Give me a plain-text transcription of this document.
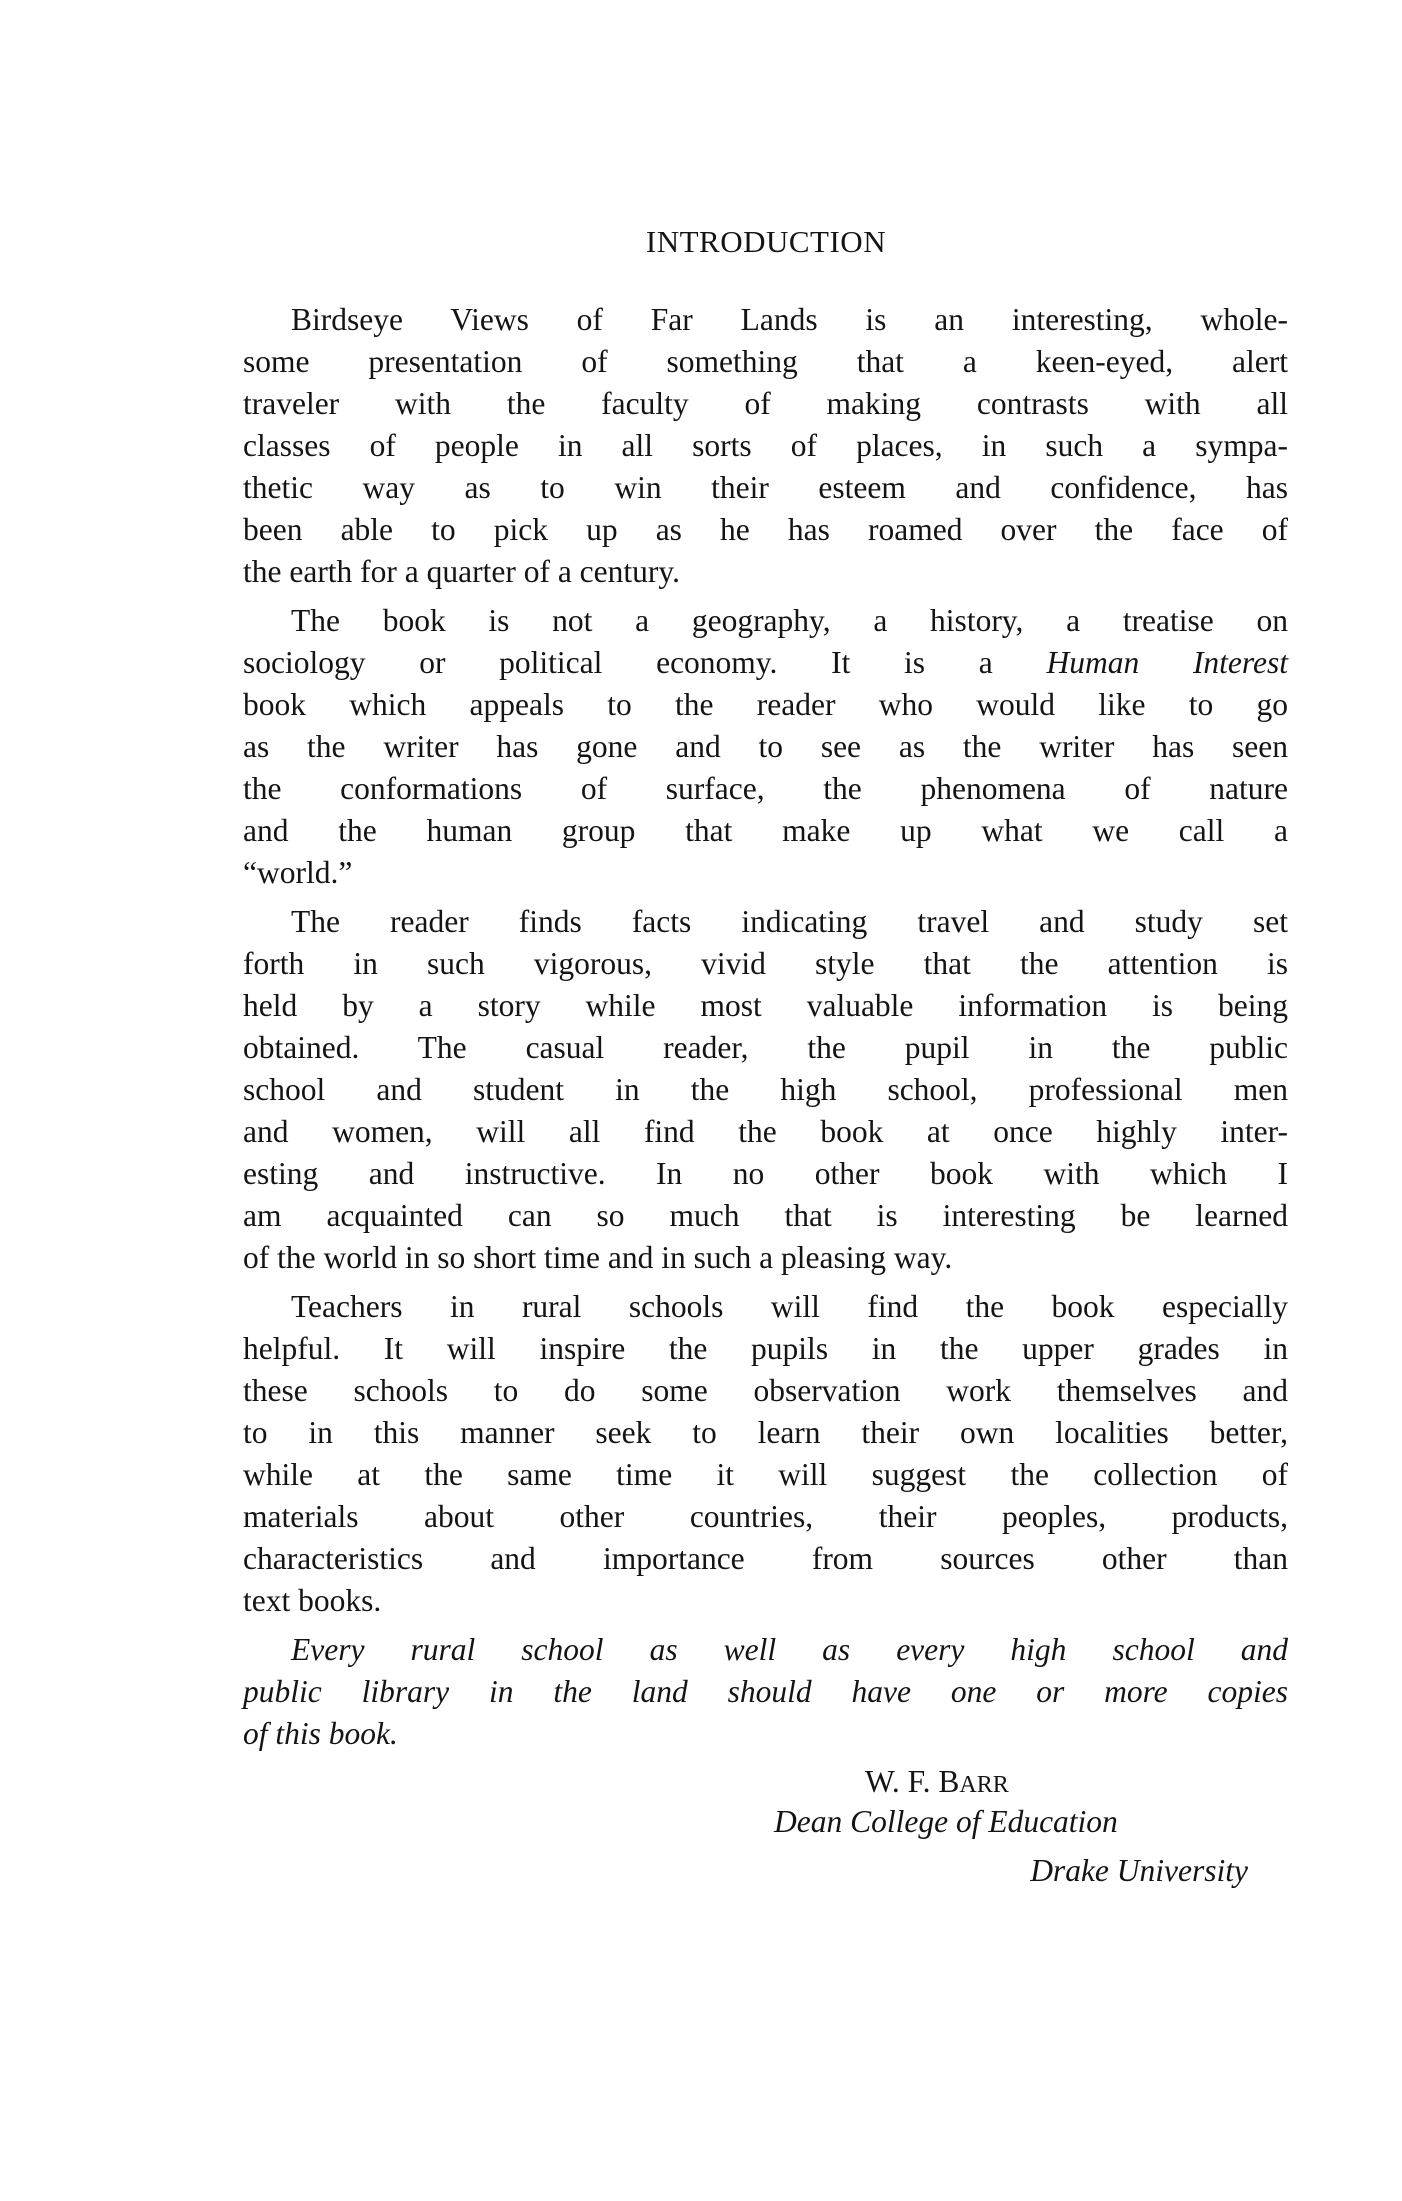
INTRODUCTION
Birdseye Views of Far Lands is an interesting, whole-
some presentation of something that a keen-eyed, alert
traveler with the faculty of making contrasts with all
classes of people in all sorts of places, in such a sympa-
thetic way as to win their esteem and confidence, has
been able to pick up as he has roamed over the face of
the earth for a quarter of a century.
The book is not a geography, a history, a treatise on
sociology or political economy. It is a Human Interest
book which appeals to the reader who would like to go
as the writer has gone and to see as the writer has seen
the conformations of surface, the phenomena of nature
and the human group that make up what we call a
“world.”
The reader finds facts indicating travel and study set
forth in such vigorous, vivid style that the attention is
held by a story while most valuable information is being
obtained. The casual reader, the pupil in the public
school and student in the high school, professional men
and women, will all find the book at once highly inter-
esting and instructive. In no other book with which I
am acquainted can so much that is interesting be learned
of the world in so short time and in such a pleasing way.
Teachers in rural schools will find the book especially
helpful. It will inspire the pupils in the upper grades in
these schools to do some observation work themselves and
to in this manner seek to learn their own localities better,
while at the same time it will suggest the collection of
materials about other countries, their peoples, products,
characteristics and importance from sources other than
text books.
Every rural school as well as every high school and
public library in the land should have one or more copies
of this book.
W. F. BARR
Dean College of Education
Drake University
